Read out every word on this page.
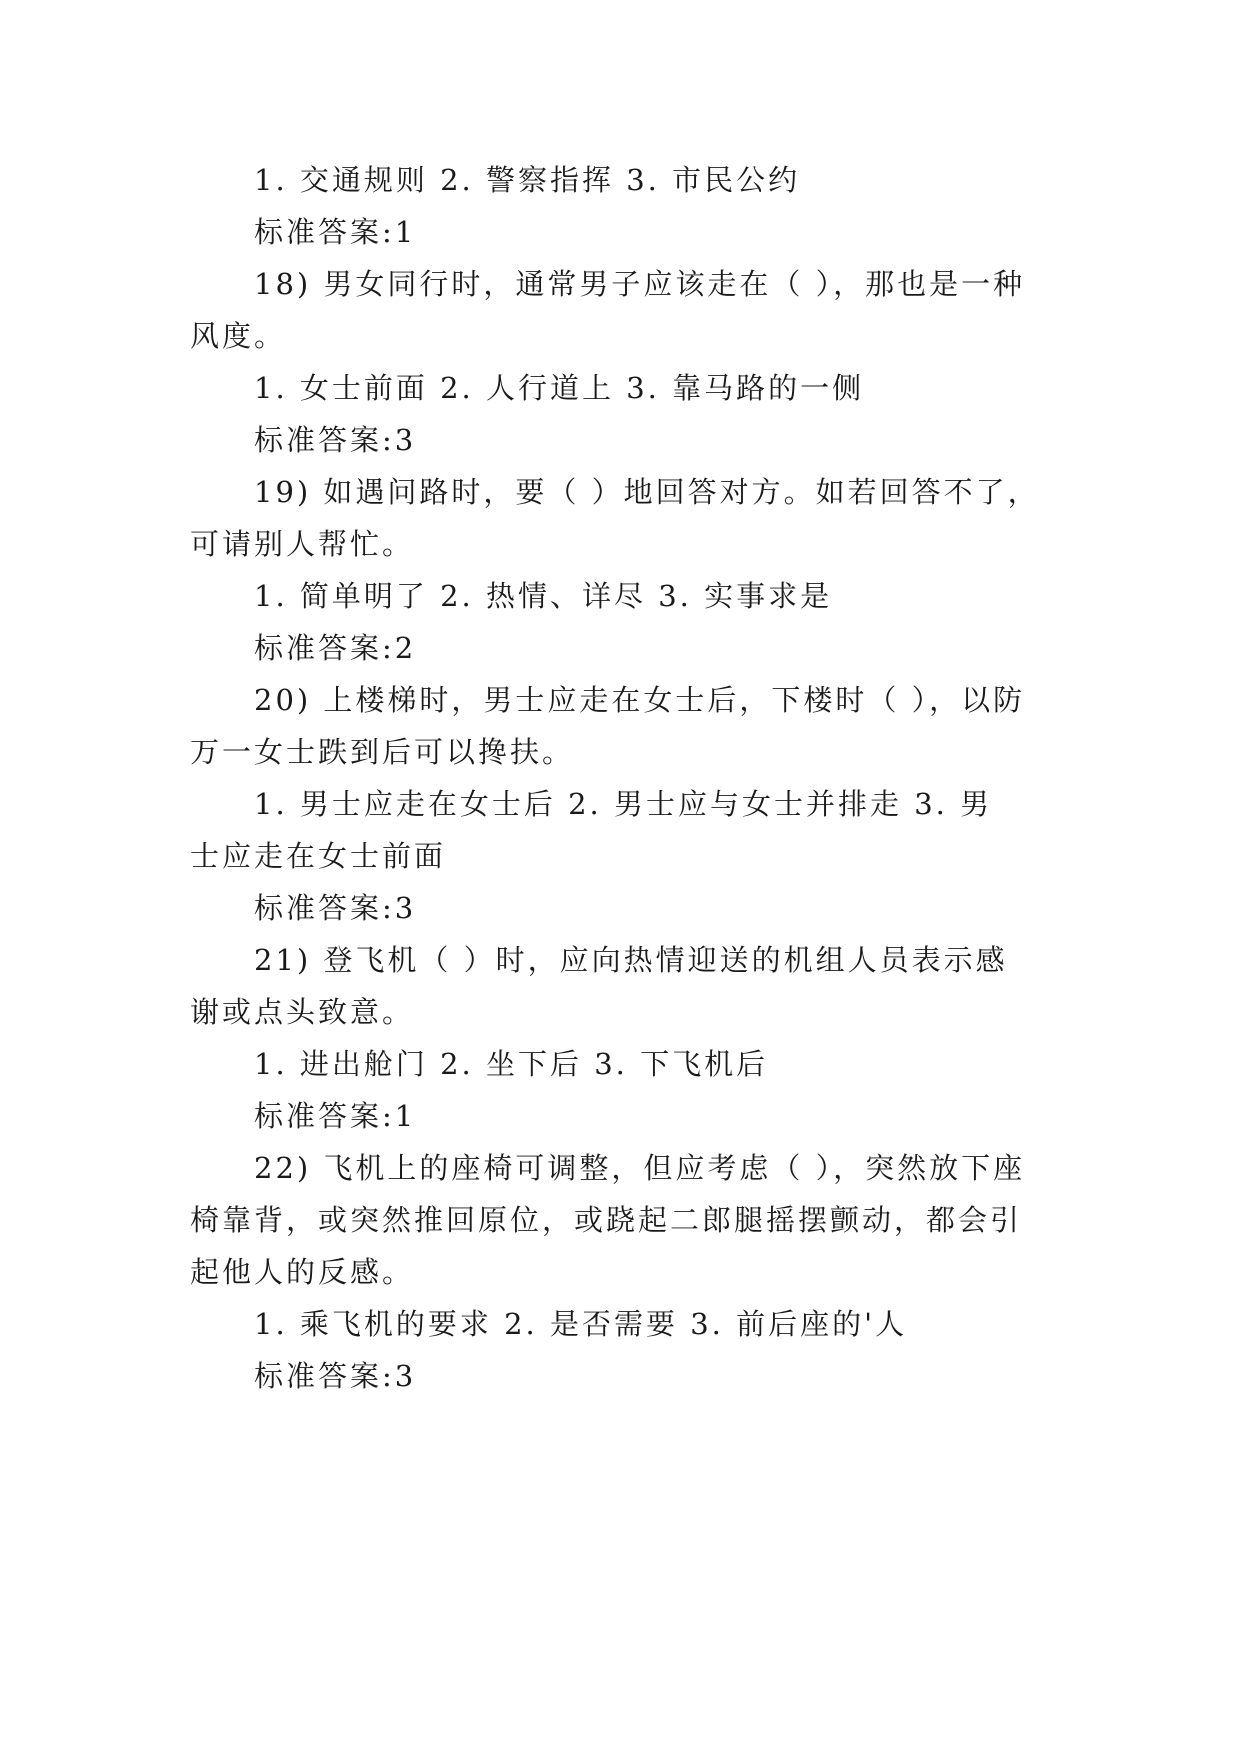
1. 交通规则 2. 警察指挥 3. 市民公约
标准答案:1
18) 男女同行时，通常男子应该走在（ ），那也是一种
风度。
1. 女士前面 2. 人行道上 3. 靠马路的一侧
标准答案:3
19) 如遇问路时，要（ ）地回答对方。如若回答不了，
可请别人帮忙。
1. 简单明了 2. 热情、详尽 3. 实事求是
标准答案:2
20) 上楼梯时，男士应走在女士后，下楼时（ ），以防
万一女士跌到后可以搀扶。
1. 男士应走在女士后 2. 男士应与女士并排走 3. 男
士应走在女士前面
标准答案:3
21) 登飞机（ ）时，应向热情迎送的机组人员表示感
谢或点头致意。
1. 进出舱门 2. 坐下后 3. 下飞机后
标准答案:1
22) 飞机上的座椅可调整，但应考虑（ ），突然放下座
椅靠背，或突然推回原位，或跷起二郎腿摇摆颤动，都会引
起他人的反感。
1. 乘飞机的要求 2. 是否需要 3. 前后座的'人
标准答案:3
